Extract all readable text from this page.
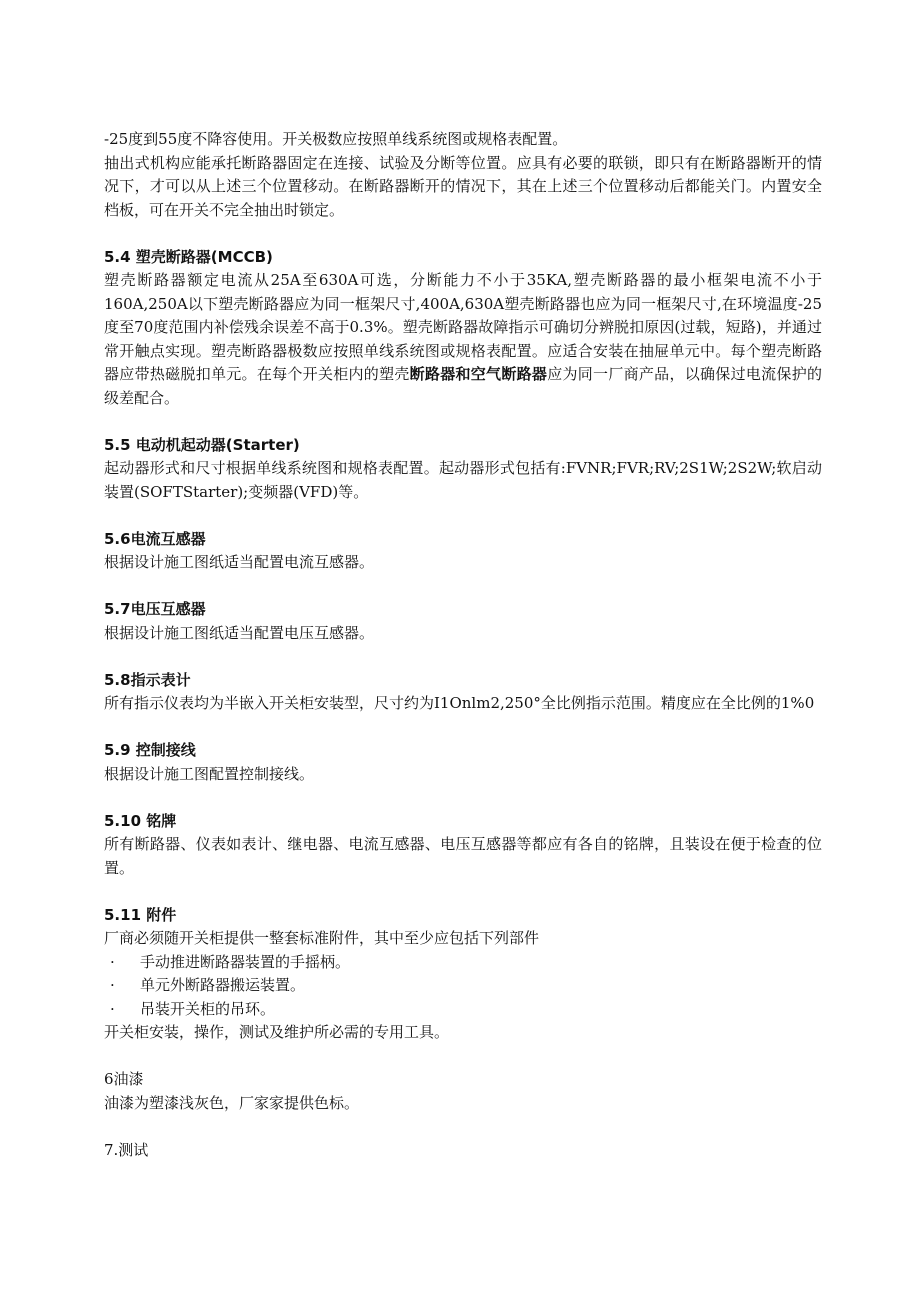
-25度到55度不降容使用。开关极数应按照单线系统图或规格表配置。

抽出式机构应能承托断路器固定在连接、试验及分断等位置。应具有必要的联锁，即只有在断路器断开的情况下，才可以从上述三个位置移动。在断路器断开的情况下，其在上述三个位置移动后都能关门。内置安全档板，可在开关不完全抽出时锁定。

5.4 塑壳断路器(MCCB)

塑壳断路器额定电流从25A至630A可选，分断能力不小于35KA,塑壳断路器的最小框架电流不小于160A,250A以下塑壳断路器应为同一框架尺寸,400A,630A塑壳断路器也应为同一框架尺寸,在环境温度-25度至70度范围内补偿残余误差不高于0.3%。塑壳断路器故障指示可确切分辨脱扣原因(过载，短路)，并通过常开触点实现。塑壳断路器极数应按照单线系统图或规格表配置。应适合安装在抽屉单元中。每个塑壳断路器应带热磁脱扣单元。在每个开关柜内的塑壳断路器和空气断路器应为同一厂商产品，以确保过电流保护的级差配合。

5.5 电动机起动器(Starter)

起动器形式和尺寸根据单线系统图和规格表配置。起动器形式包括有:FVNR;FVR;RV;2S1W;2S2W;软启动装置(SOFTStarter);变频器(VFD)等。

5.6电流互感器

根据设计施工图纸适当配置电流互感器。

5.7电压互感器

根据设计施工图纸适当配置电压互感器。

5.8指示表计

所有指示仪表均为半嵌入开关柜安装型，尺寸约为I1Onlm2,250°全比例指示范围。精度应在全比例的1%0

5.9 控制接线

根据设计施工图配置控制接线。

5.10 铭牌

所有断路器、仪表如表计、继电器、电流互感器、电压互感器等都应有各自的铭牌，且装设在便于检查的位置。

5.11 附件

厂商必须随开关柜提供一整套标准附件，其中至少应包括下列部件

·	手动推进断路器装置的手摇柄。
·	单元外断路器搬运装置。
·	吊装开关柜的吊环。

开关柜安装，操作，测试及维护所必需的专用工具。

6油漆

油漆为塑漆浅灰色，厂家家提供色标。

7.测试
